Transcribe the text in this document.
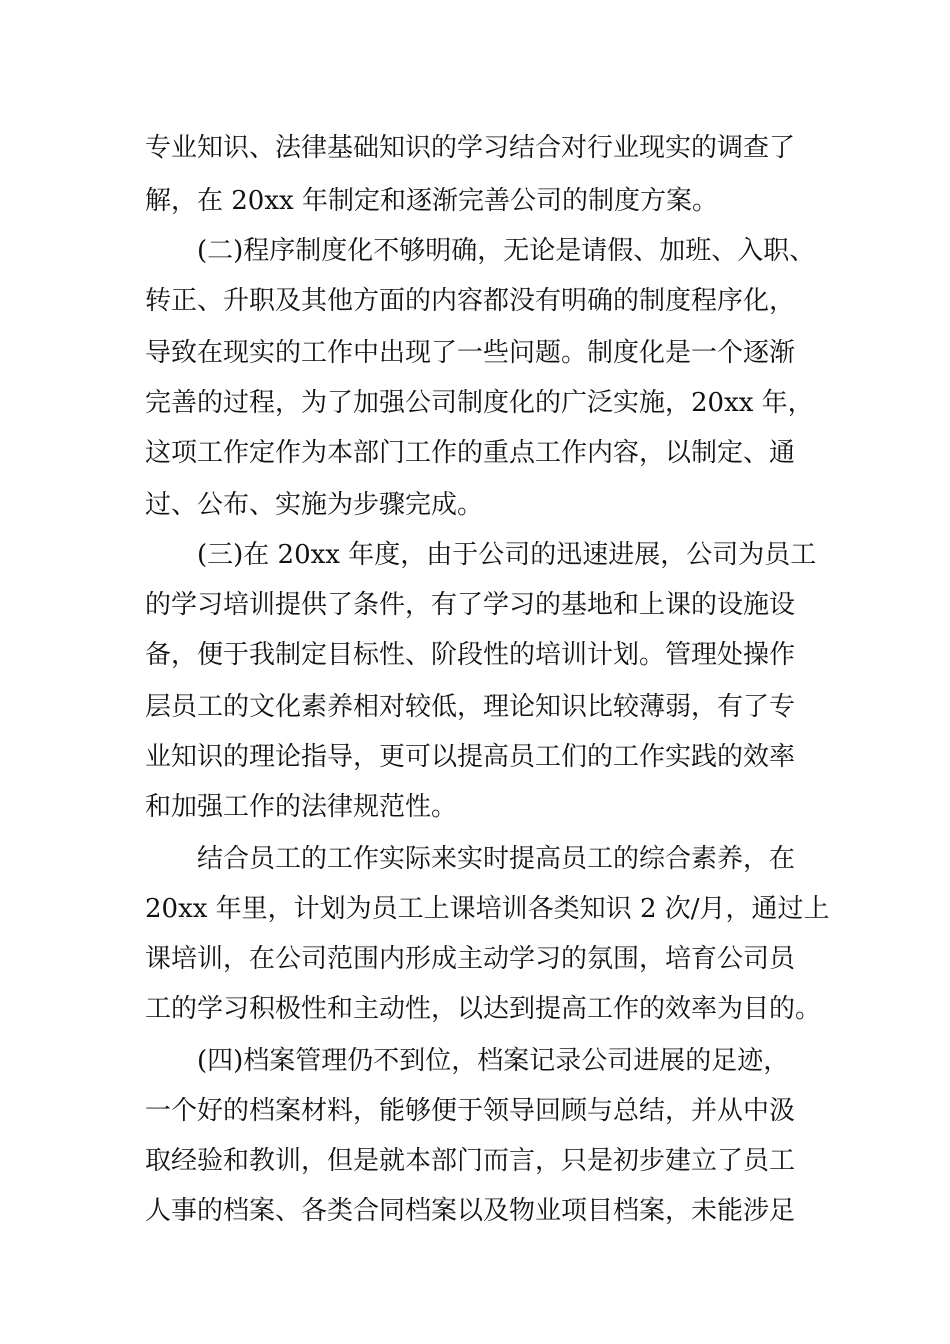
专业知识、法律基础知识的学习结合对行业现实的调查了
解，在 20xx 年制定和逐渐完善公司的制度方案。
　　(二)程序制度化不够明确，无论是请假、加班、入职、
转正、升职及其他方面的内容都没有明确的制度程序化，
导致在现实的工作中出现了一些问题。制度化是一个逐渐
完善的过程，为了加强公司制度化的广泛实施，20xx 年，
这项工作定作为本部门工作的重点工作内容，以制定、通
过、公布、实施为步骤完成。
　　(三)在 20xx 年度，由于公司的迅速进展，公司为员工
的学习培训提供了条件，有了学习的基地和上课的设施设
备，便于我制定目标性、阶段性的培训计划。管理处操作
层员工的文化素养相对较低，理论知识比较薄弱，有了专
业知识的理论指导，更可以提高员工们的工作实践的效率
和加强工作的法律规范性。
　　结合员工的工作实际来实时提高员工的综合素养，在
20xx 年里，计划为员工上课培训各类知识 2 次/月，通过上
课培训，在公司范围内形成主动学习的氛围，培育公司员
工的学习积极性和主动性，以达到提高工作的效率为目的。
　　(四)档案管理仍不到位，档案记录公司进展的足迹，
一个好的档案材料，能够便于领导回顾与总结，并从中汲
取经验和教训，但是就本部门而言，只是初步建立了员工
人事的档案、各类合同档案以及物业项目档案，未能涉足
